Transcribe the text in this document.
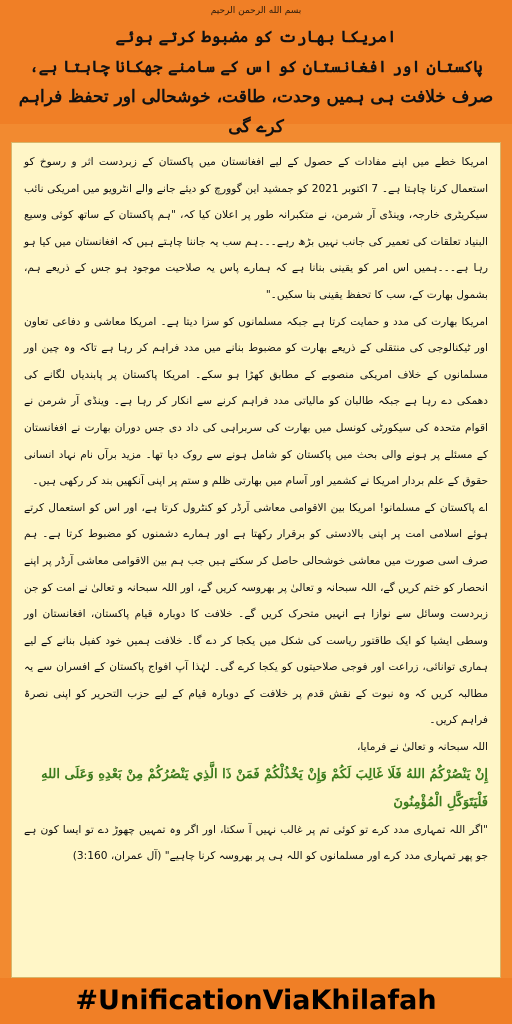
بسم الله الرحمن الرحيم
امریکا بھارت کو مضبوط کرتے ہوئے
پاکستان اور افغانستان کو اس کے سامنے جھکانا چاہتا ہے،
صرف خلافت ہی ہمیں وحدت، طاقت، خوشحالی اور تحفظ فراہم کرے گی

امریکا خطے میں اپنے مفادات کے حصول کے لیے افغانستان میں پاکستان کے زبردست اثر و رسوخ کو استعمال کرنا چاہتا ہے۔ 7 اکتوبر 2021 کو جمشید این گوورچ کو دیئے جانے والے انٹرویو میں امریکی نائب سیکریٹری خارجہ، وینڈی آر شرمن، نے متکبرانہ طور پر اعلان کیا کہ، "ہم پاکستان کے ساتھ کوئی وسیع البنیاد تعلقات کی تعمیر کی جانب نہیں بڑھ رہے۔۔۔ہم سب یہ جاننا چاہتے ہیں کہ افغانستان میں کیا ہو رہا ہے۔۔۔ہمیں اس امر کو یقینی بنانا ہے کہ ہمارے پاس یہ صلاحیت موجود ہو جس کے ذریعے ہم، بشمول بھارت کے، سب کا تحفظ یقینی بنا سکیں۔"

امریکا بھارت کی مدد و حمایت کرتا ہے جبکہ مسلمانوں کو سزا دیتا ہے۔ امریکا معاشی و دفاعی تعاون اور ٹیکنالوجی کی منتقلی کے ذریعے بھارت کو مضبوط بنانے میں مدد فراہم کر رہا ہے تاکہ وہ چین اور مسلمانوں کے خلاف امریکی منصوبے کے مطابق کھڑا ہو سکے۔ امریکا پاکستان پر پابندیاں لگانے کی دھمکی دے رہا ہے جبکہ طالبان کو مالیاتی مدد فراہم کرنے سے انکار کر رہا ہے۔ وینڈی آر شرمن نے اقوام متحدہ کی سیکورٹی کونسل میں بھارت کی سربراہی کی داد دی جس دوران بھارت نے افغانستان کے مسئلے پر ہونے والی بحث میں پاکستان کو شامل ہونے سے روک دیا تھا۔ مزید برآں نام نہاد انسانی حقوق کے علم بردار امریکا نے کشمیر اور آسام میں بھارتی ظلم و ستم پر اپنی آنکھیں بند کر رکھی ہیں۔

اے پاکستان کے مسلمانو! امریکا بین الاقوامی معاشی آرڈر کو کنٹرول کرتا ہے، اور اس کو استعمال کرتے ہوئے اسلامی امت پر اپنی بالادستی کو برقرار رکھتا ہے اور ہمارے دشمنوں کو مضبوط کرتا ہے۔ ہم صرف اسی صورت میں معاشی خوشحالی حاصل کر سکتے ہیں جب ہم بین الاقوامی معاشی آرڈر پر اپنے انحصار کو ختم کریں گے، اللہ سبحانہ و تعالیٰ پر بھروسہ کریں گے، اور اللہ سبحانہ و تعالیٰ نے امت کو جن زبردست وسائل سے نوازا ہے انہیں متحرک کریں گے۔ خلافت کا دوبارہ قیام پاکستان، افغانستان اور وسطی ایشیا کو ایک طاقتور ریاست کی شکل میں یکجا کر دے گا۔ خلافت ہمیں خود کفیل بنانے کے لیے ہماری توانائی، زراعت اور فوجی صلاحیتوں کو یکجا کرے گی۔ لہٰذا آپ افواج پاکستان کے افسران سے یہ مطالبہ کریں کہ وہ نبوت کے نقش قدم پر خلافت کے دوبارہ قیام کے لیے حزب التحریر کو اپنی نصرۃ فراہم کریں۔

اللہ سبحانہ و تعالیٰ نے فرمایا،

إِنْ يَنْصُرْكُمُ اللهُ فَلَا غَالِبَ لَكُمْ وَإِنْ يَخْذُلْكُمْ فَمَنْ ذَا الَّذِي يَنْصُرُكُمْ مِنْ بَعْدِهِ وَعَلَى اللهِ فَلْيَتَوَكَّلِ الْمُؤْمِنُونَ

"اگر اللہ تمہاری مدد کرے تو کوئی تم پر غالب نہیں آ سکتا، اور اگر وہ تمہیں چھوڑ دے تو ایسا کون ہے جو پھر تمہاری مدد کرے اور مسلمانوں کو اللہ ہی پر بھروسہ کرنا چاہیے" (آل عمران، 3:160)

#UnificationViaKhilafah
